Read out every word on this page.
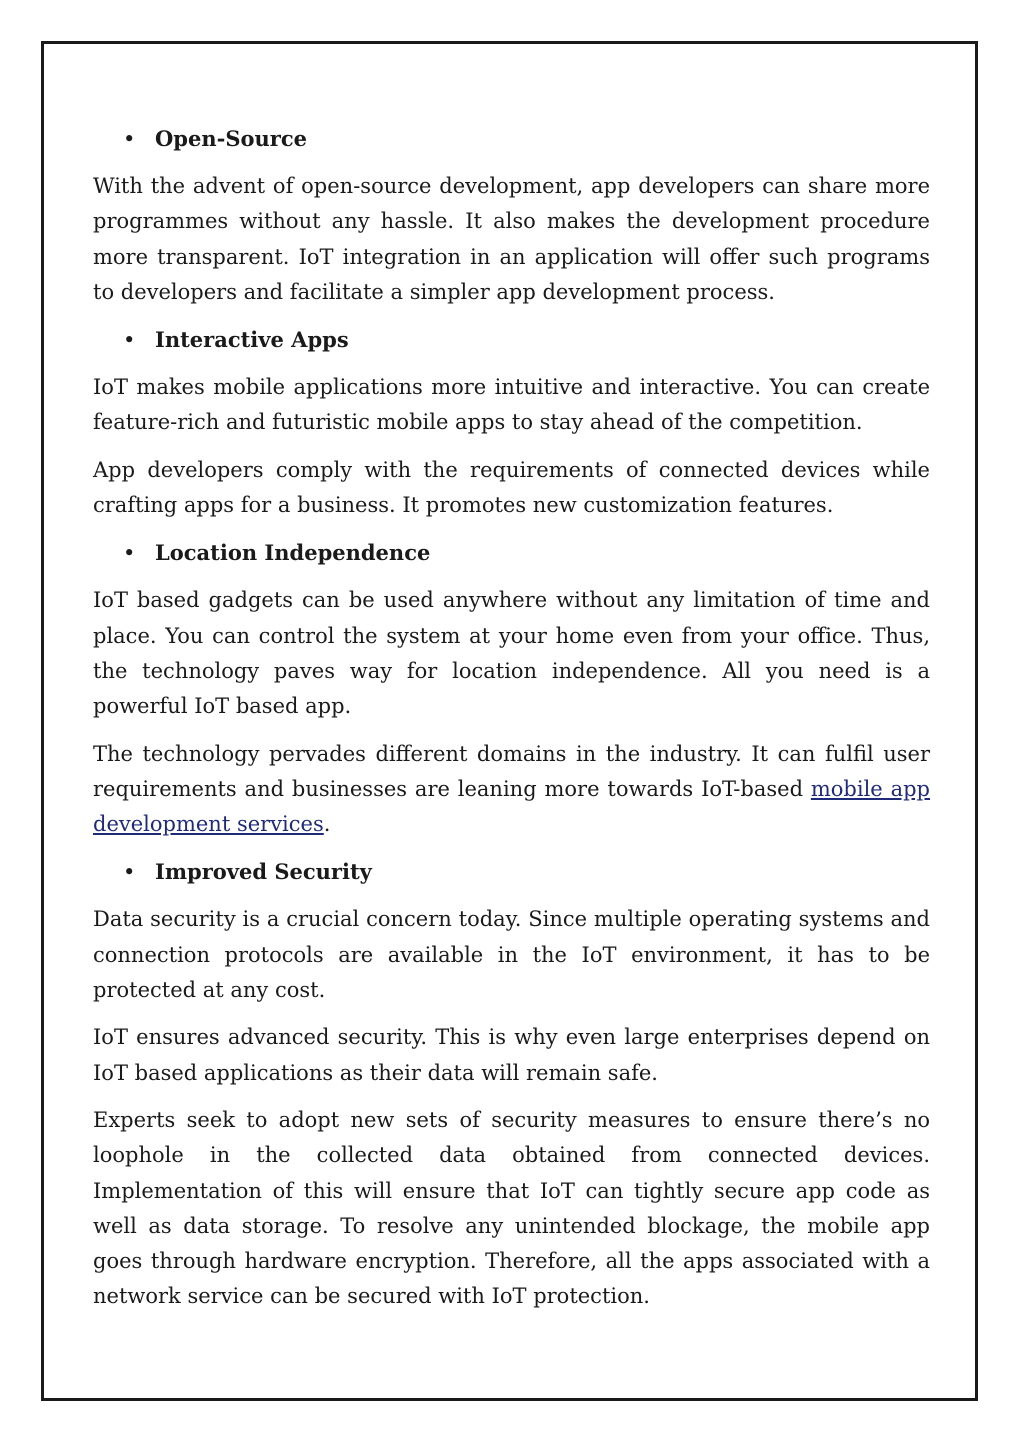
• Open-Source

With the advent of open-source development, app developers can share more programmes without any hassle. It also makes the development procedure more transparent. IoT integration in an application will offer such programs to developers and facilitate a simpler app development process.

• Interactive Apps

IoT makes mobile applications more intuitive and interactive. You can create feature-rich and futuristic mobile apps to stay ahead of the competition.

App developers comply with the requirements of connected devices while crafting apps for a business. It promotes new customization features.

• Location Independence

IoT based gadgets can be used anywhere without any limitation of time and place. You can control the system at your home even from your office. Thus, the technology paves way for location independence. All you need is a powerful IoT based app.

The technology pervades different domains in the industry. It can fulfil user requirements and businesses are leaning more towards IoT-based mobile app development services.

• Improved Security

Data security is a crucial concern today. Since multiple operating systems and connection protocols are available in the IoT environment, it has to be protected at any cost.

IoT ensures advanced security. This is why even large enterprises depend on IoT based applications as their data will remain safe.

Experts seek to adopt new sets of security measures to ensure there’s no loophole in the collected data obtained from connected devices. Implementation of this will ensure that IoT can tightly secure app code as well as data storage. To resolve any unintended blockage, the mobile app goes through hardware encryption. Therefore, all the apps associated with a network service can be secured with IoT protection.
